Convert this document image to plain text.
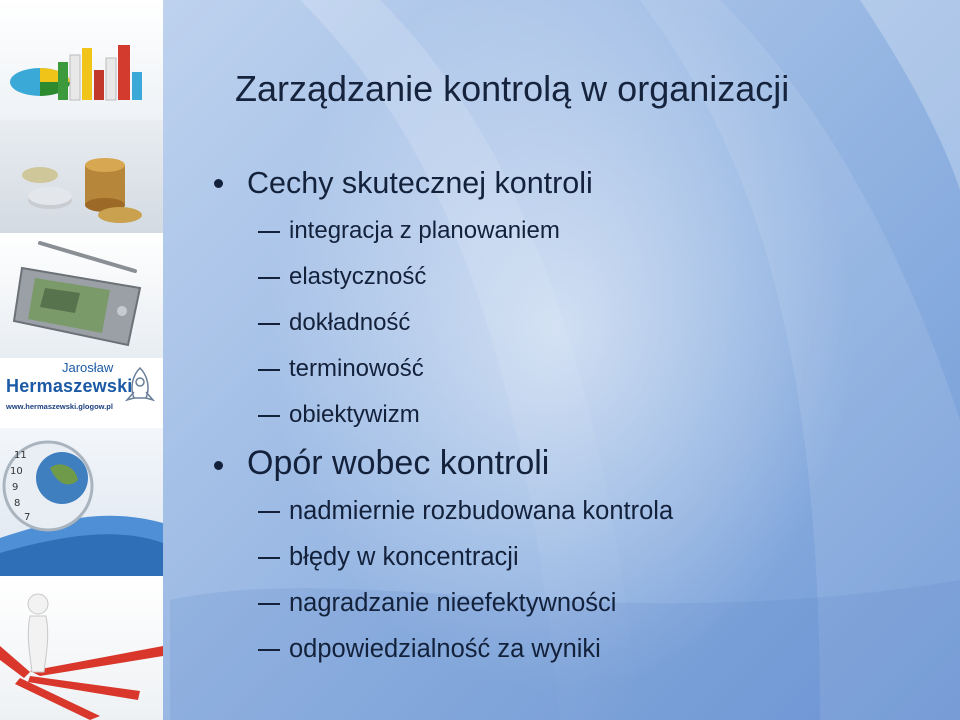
Jarosław
Hermaszewski
www.hermaszewski.glogow.pl
11
10
9
8
7
Zarządzanie kontrolą w organizacji
Cechy skutecznej kontroli
integracja z planowaniem
elastyczność
dokładność
terminowość
obiektywizm
Opór wobec kontroli
nadmiernie rozbudowana kontrola
błędy w koncentracji
nagradzanie nieefektywności
odpowiedzialność za wyniki
